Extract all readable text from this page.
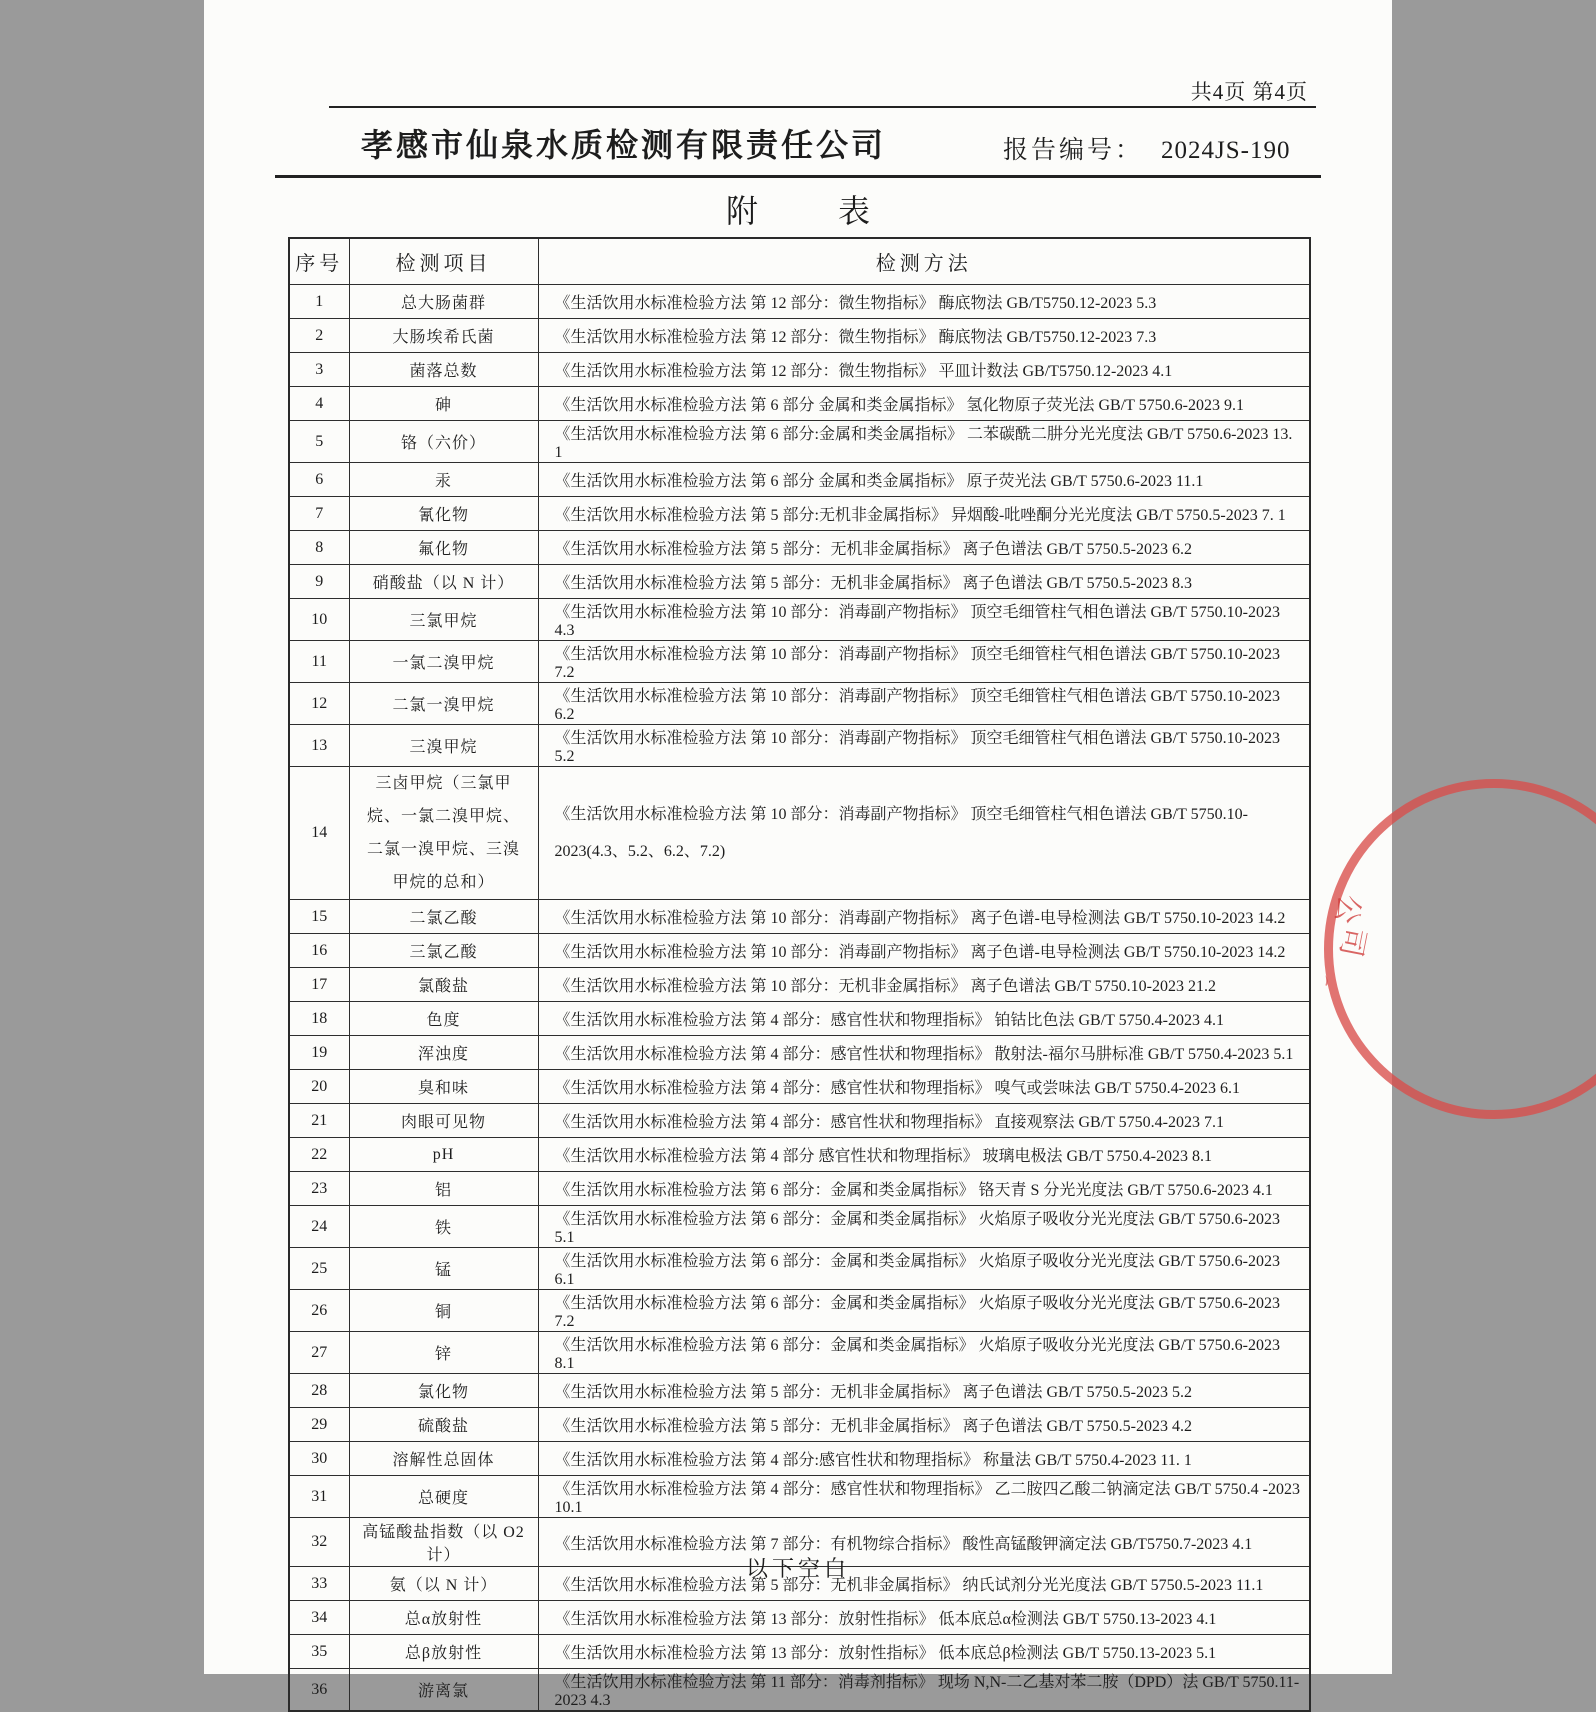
共4页 第4页
孝感市仙泉水质检测有限责任公司	报告编号： 2024JS-190
附	表
序号	检测项目	检测方法
1	总大肠菌群	《生活饮用水标准检验方法 第 12 部分：微生物指标》 酶底物法 GB/T5750.12-2023 5.3
2	大肠埃希氏菌	《生活饮用水标准检验方法 第 12 部分：微生物指标》 酶底物法 GB/T5750.12-2023 7.3
3	菌落总数	《生活饮用水标准检验方法 第 12 部分：微生物指标》 平皿计数法 GB/T5750.12-2023 4.1
4	砷	《生活饮用水标准检验方法 第 6 部分 金属和类金属指标》 氢化物原子荧光法 GB/T 5750.6-2023 9.1
5	铬（六价）	《生活饮用水标准检验方法 第 6 部分:金属和类金属指标》 二苯碳酰二肼分光光度法 GB/T 5750.6-2023 13. 1
6	汞	《生活饮用水标准检验方法 第 6 部分 金属和类金属指标》 原子荧光法 GB/T 5750.6-2023 11.1
7	氰化物	《生活饮用水标准检验方法 第 5 部分:无机非金属指标》 异烟酸-吡唑酮分光光度法 GB/T 5750.5-2023 7. 1
8	氟化物	《生活饮用水标准检验方法 第 5 部分：无机非金属指标》 离子色谱法 GB/T 5750.5-2023 6.2
9	硝酸盐（以 N 计）	《生活饮用水标准检验方法 第 5 部分：无机非金属指标》 离子色谱法 GB/T 5750.5-2023 8.3
10	三氯甲烷	《生活饮用水标准检验方法 第 10 部分：消毒副产物指标》 顶空毛细管柱气相色谱法 GB/T 5750.10-2023 4.3
11	一氯二溴甲烷	《生活饮用水标准检验方法 第 10 部分：消毒副产物指标》 顶空毛细管柱气相色谱法 GB/T 5750.10-2023 7.2
12	二氯一溴甲烷	《生活饮用水标准检验方法 第 10 部分：消毒副产物指标》 顶空毛细管柱气相色谱法 GB/T 5750.10-2023 6.2
13	三溴甲烷	《生活饮用水标准检验方法 第 10 部分：消毒副产物指标》 顶空毛细管柱气相色谱法 GB/T 5750.10-2023 5.2
14	三卤甲烷（三氯甲烷、一氯二溴甲烷、二氯一溴甲烷、三溴甲烷的总和）	《生活饮用水标准检验方法 第 10 部分：消毒副产物指标》 顶空毛细管柱气相色谱法 GB/T 5750.10-2023(4.3、5.2、6.2、7.2)
15	二氯乙酸	《生活饮用水标准检验方法 第 10 部分：消毒副产物指标》 离子色谱-电导检测法 GB/T 5750.10-2023 14.2
16	三氯乙酸	《生活饮用水标准检验方法 第 10 部分：消毒副产物指标》 离子色谱-电导检测法 GB/T 5750.10-2023 14.2
17	氯酸盐	《生活饮用水标准检验方法 第 10 部分：无机非金属指标》 离子色谱法 GB/T 5750.10-2023 21.2
18	色度	《生活饮用水标准检验方法 第 4 部分：感官性状和物理指标》 铂钴比色法 GB/T 5750.4-2023 4.1
19	浑浊度	《生活饮用水标准检验方法 第 4 部分：感官性状和物理指标》 散射法-福尔马肼标准 GB/T 5750.4-2023 5.1
20	臭和味	《生活饮用水标准检验方法 第 4 部分：感官性状和物理指标》 嗅气或尝味法 GB/T 5750.4-2023 6.1
21	肉眼可见物	《生活饮用水标准检验方法 第 4 部分：感官性状和物理指标》 直接观察法 GB/T 5750.4-2023 7.1
22	pH	《生活饮用水标准检验方法 第 4 部分 感官性状和物理指标》 玻璃电极法 GB/T 5750.4-2023 8.1
23	铝	《生活饮用水标准检验方法 第 6 部分：金属和类金属指标》 铬天青 S 分光光度法 GB/T 5750.6-2023 4.1
24	铁	《生活饮用水标准检验方法 第 6 部分：金属和类金属指标》 火焰原子吸收分光光度法 GB/T 5750.6-2023 5.1
25	锰	《生活饮用水标准检验方法 第 6 部分：金属和类金属指标》 火焰原子吸收分光光度法 GB/T 5750.6-2023 6.1
26	铜	《生活饮用水标准检验方法 第 6 部分：金属和类金属指标》 火焰原子吸收分光光度法 GB/T 5750.6-2023 7.2
27	锌	《生活饮用水标准检验方法 第 6 部分：金属和类金属指标》 火焰原子吸收分光光度法 GB/T 5750.6-2023 8.1
28	氯化物	《生活饮用水标准检验方法 第 5 部分：无机非金属指标》 离子色谱法 GB/T 5750.5-2023 5.2
29	硫酸盐	《生活饮用水标准检验方法 第 5 部分：无机非金属指标》 离子色谱法 GB/T 5750.5-2023 4.2
30	溶解性总固体	《生活饮用水标准检验方法 第 4 部分:感官性状和物理指标》 称量法 GB/T 5750.4-2023 11. 1
31	总硬度	《生活饮用水标准检验方法 第 4 部分：感官性状和物理指标》 乙二胺四乙酸二钠滴定法 GB/T 5750.4 -2023 10.1
32	高锰酸盐指数（以 O2 计）	《生活饮用水标准检验方法 第 7 部分：有机物综合指标》 酸性高锰酸钾滴定法 GB/T5750.7-2023 4.1
33	氨（以 N 计）	《生活饮用水标准检验方法 第 5 部分：无机非金属指标》 纳氏试剂分光光度法 GB/T 5750.5-2023 11.1
34	总α放射性	《生活饮用水标准检验方法 第 13 部分：放射性指标》 低本底总α检测法 GB/T 5750.13-2023 4.1
35	总β放射性	《生活饮用水标准检验方法 第 13 部分：放射性指标》 低本底总β检测法 GB/T 5750.13-2023 5.1
36	游离氯	《生活饮用水标准检验方法 第 11 部分：消毒剂指标》 现场 N,N-二乙基对苯二胺（DPD）法 GB/T 5750.11-2023 4.3
以下空白
公
司
丶
